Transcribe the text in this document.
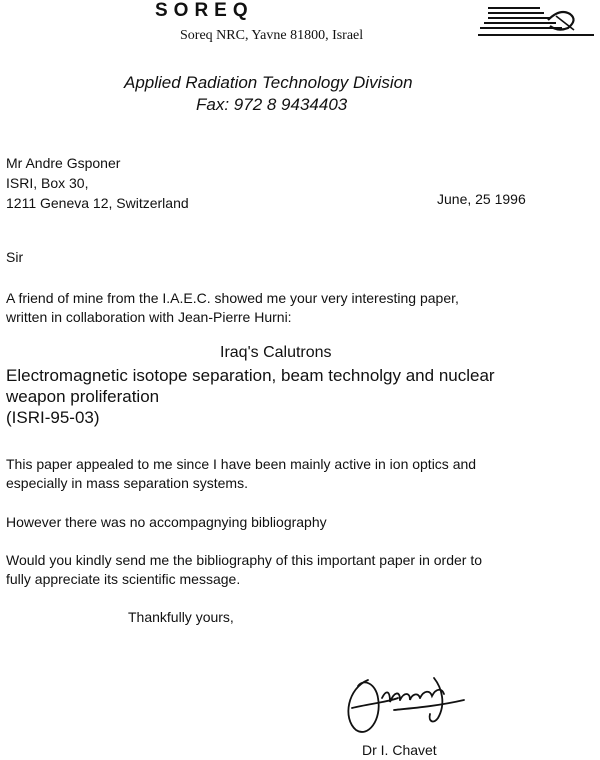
SOREQ
Soreq NRC, Yavne 81800, Israel
Applied Radiation Technology Division
Fax: 972 8 9434403
Mr Andre Gsponer
ISRI, Box 30,
1211 Geneva 12, Switzerland	June, 25 1996
Sir
A friend of mine from the I.A.E.C. showed me your very interesting paper,
written in collaboration with Jean-Pierre Hurni:
Iraq's Calutrons
Electromagnetic isotope separation, beam technolgy and nuclear
weapon proliferation
(ISRI-95-03)
This paper appealed to me since I have been mainly active in ion optics and
especially in mass separation systems.
However there was no accompagnying bibliography
Would you kindly send me the bibliography of this important paper in order to
fully appreciate its scientific message.
Thankfully yours,
Dr I. Chavet
